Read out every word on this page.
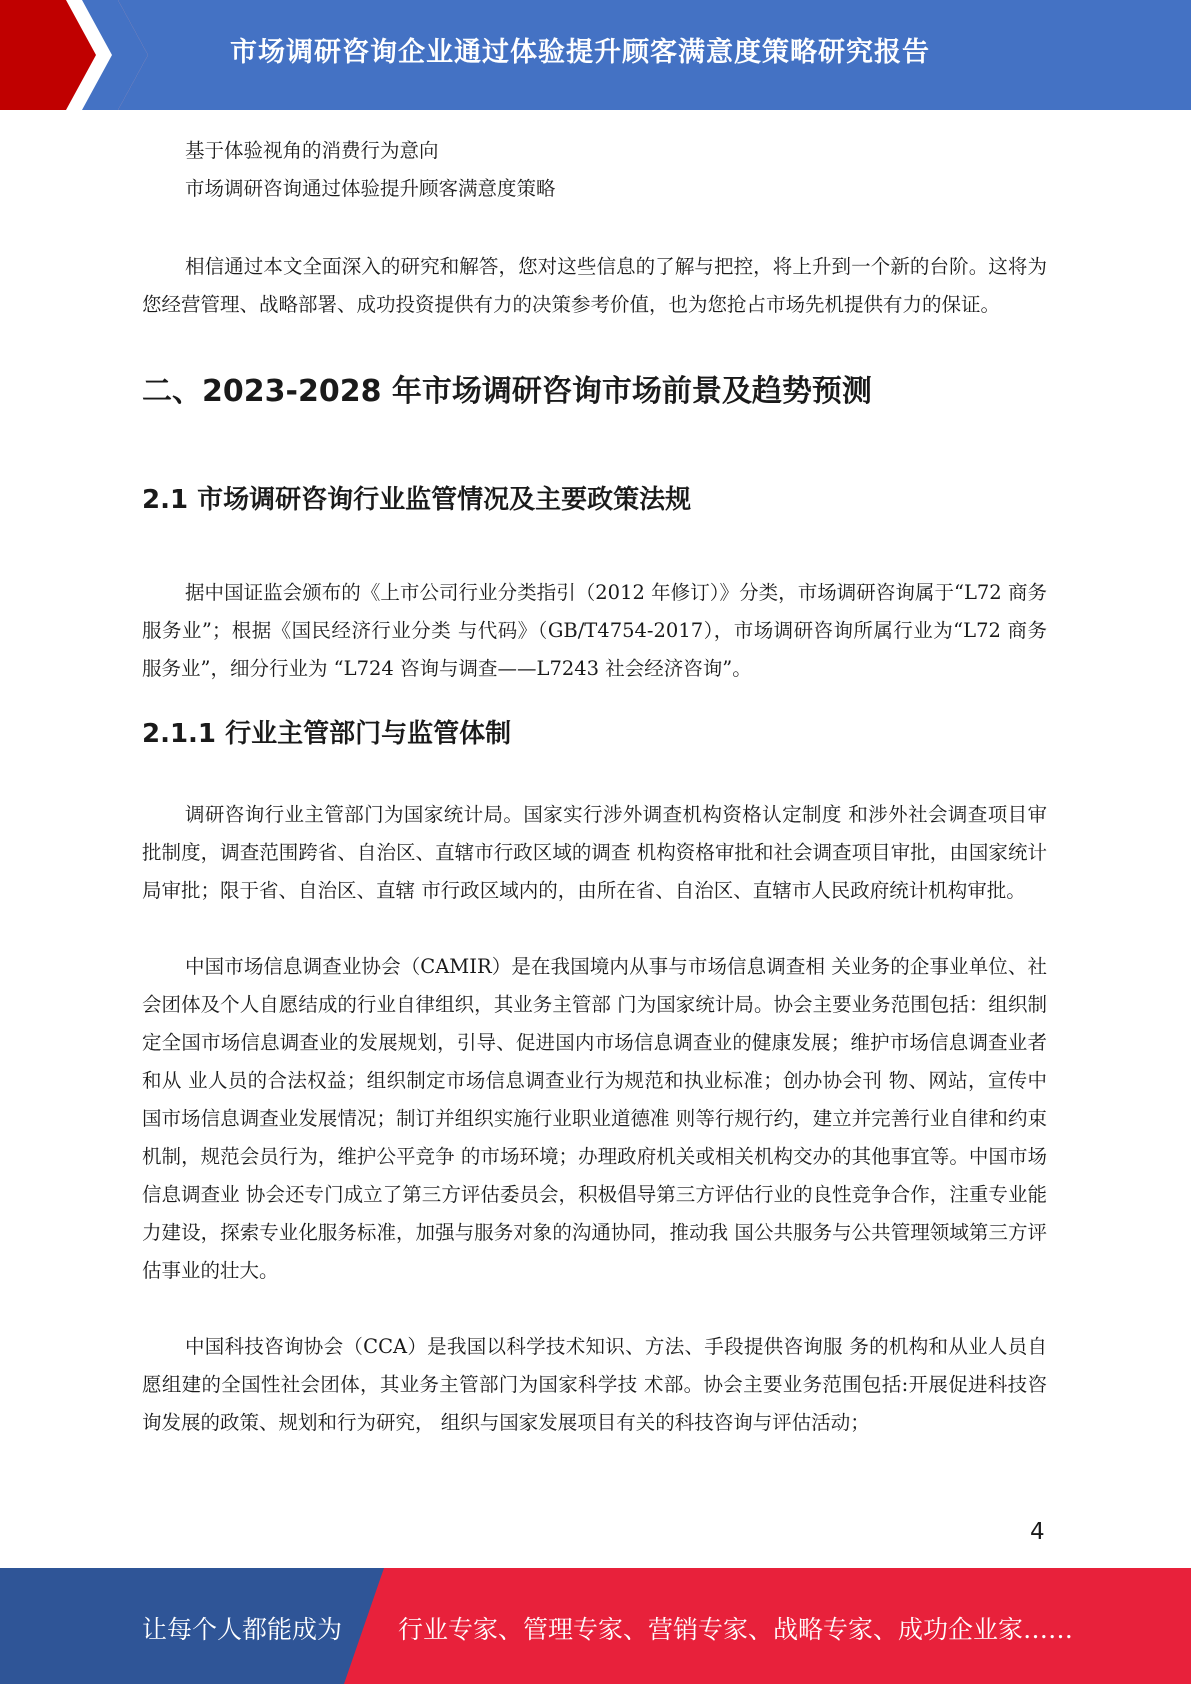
市场调研咨询企业通过体验提升顾客满意度策略研究报告

基于体验视角的消费行为意向

市场调研咨询通过体验提升顾客满意度策略

相信通过本文全面深入的研究和解答，您对这些信息的了解与把控，将上升到一个新的台阶。这将为您经营管理、战略部署、成功投资提供有力的决策参考价值，也为您抢占市场先机提供有力的保证。

二、2023-2028 年市场调研咨询市场前景及趋势预测
2.1 市场调研咨询行业监管情况及主要政策法规

据中国证监会颁布的《上市公司行业分类指引（2012 年修订）》分类，市场调研咨询属于“L72 商务服务业”；根据《国民经济行业分类 与代码》（GB/T4754-2017），市场调研咨询所属行业为“L72 商务服务业”，细分行业为 “L724 咨询与调查——L7243 社会经济咨询”。

2.1.1 行业主管部门与监管体制

调研咨询行业主管部门为国家统计局。国家实行涉外调查机构资格认定制度 和涉外社会调查项目审批制度，调查范围跨省、自治区、直辖市行政区域的调查 机构资格审批和社会调查项目审批，由国家统计局审批；限于省、自治区、直辖 市行政区域内的，由所在省、自治区、直辖市人民政府统计机构审批。

中国市场信息调查业协会（CAMIR）是在我国境内从事与市场信息调查相 关业务的企事业单位、社会团体及个人自愿结成的行业自律组织，其业务主管部 门为国家统计局。协会主要业务范围包括：组织制定全国市场信息调查业的发展规划，引导、促进国内市场信息调查业的健康发展；维护市场信息调查业者和从 业人员的合法权益；组织制定市场信息调查业行为规范和执业标准；创办协会刊 物、网站，宣传中国市场信息调查业发展情况；制订并组织实施行业职业道德准 则等行规行约，建立并完善行业自律和约束机制，规范会员行为，维护公平竞争 的市场环境；办理政府机关或相关机构交办的其他事宜等。中国市场信息调查业 协会还专门成立了第三方评估委员会，积极倡导第三方评估行业的良性竞争合作，注重专业能力建设，探索专业化服务标准，加强与服务对象的沟通协同，推动我 国公共服务与公共管理领域第三方评估事业的壮大。

中国科技咨询协会（CCA）是我国以科学技术知识、方法、手段提供咨询服 务的机构和从业人员自愿组建的全国性社会团体，其业务主管部门为国家科学技 术部。协会主要业务范围包括:开展促进科技咨询发展的政策、规划和行为研究， 组织与国家发展项目有关的科技咨询与评估活动；

4
让每个人都能成为 行业专家、管理专家、营销专家、战略专家、成功企业家……
